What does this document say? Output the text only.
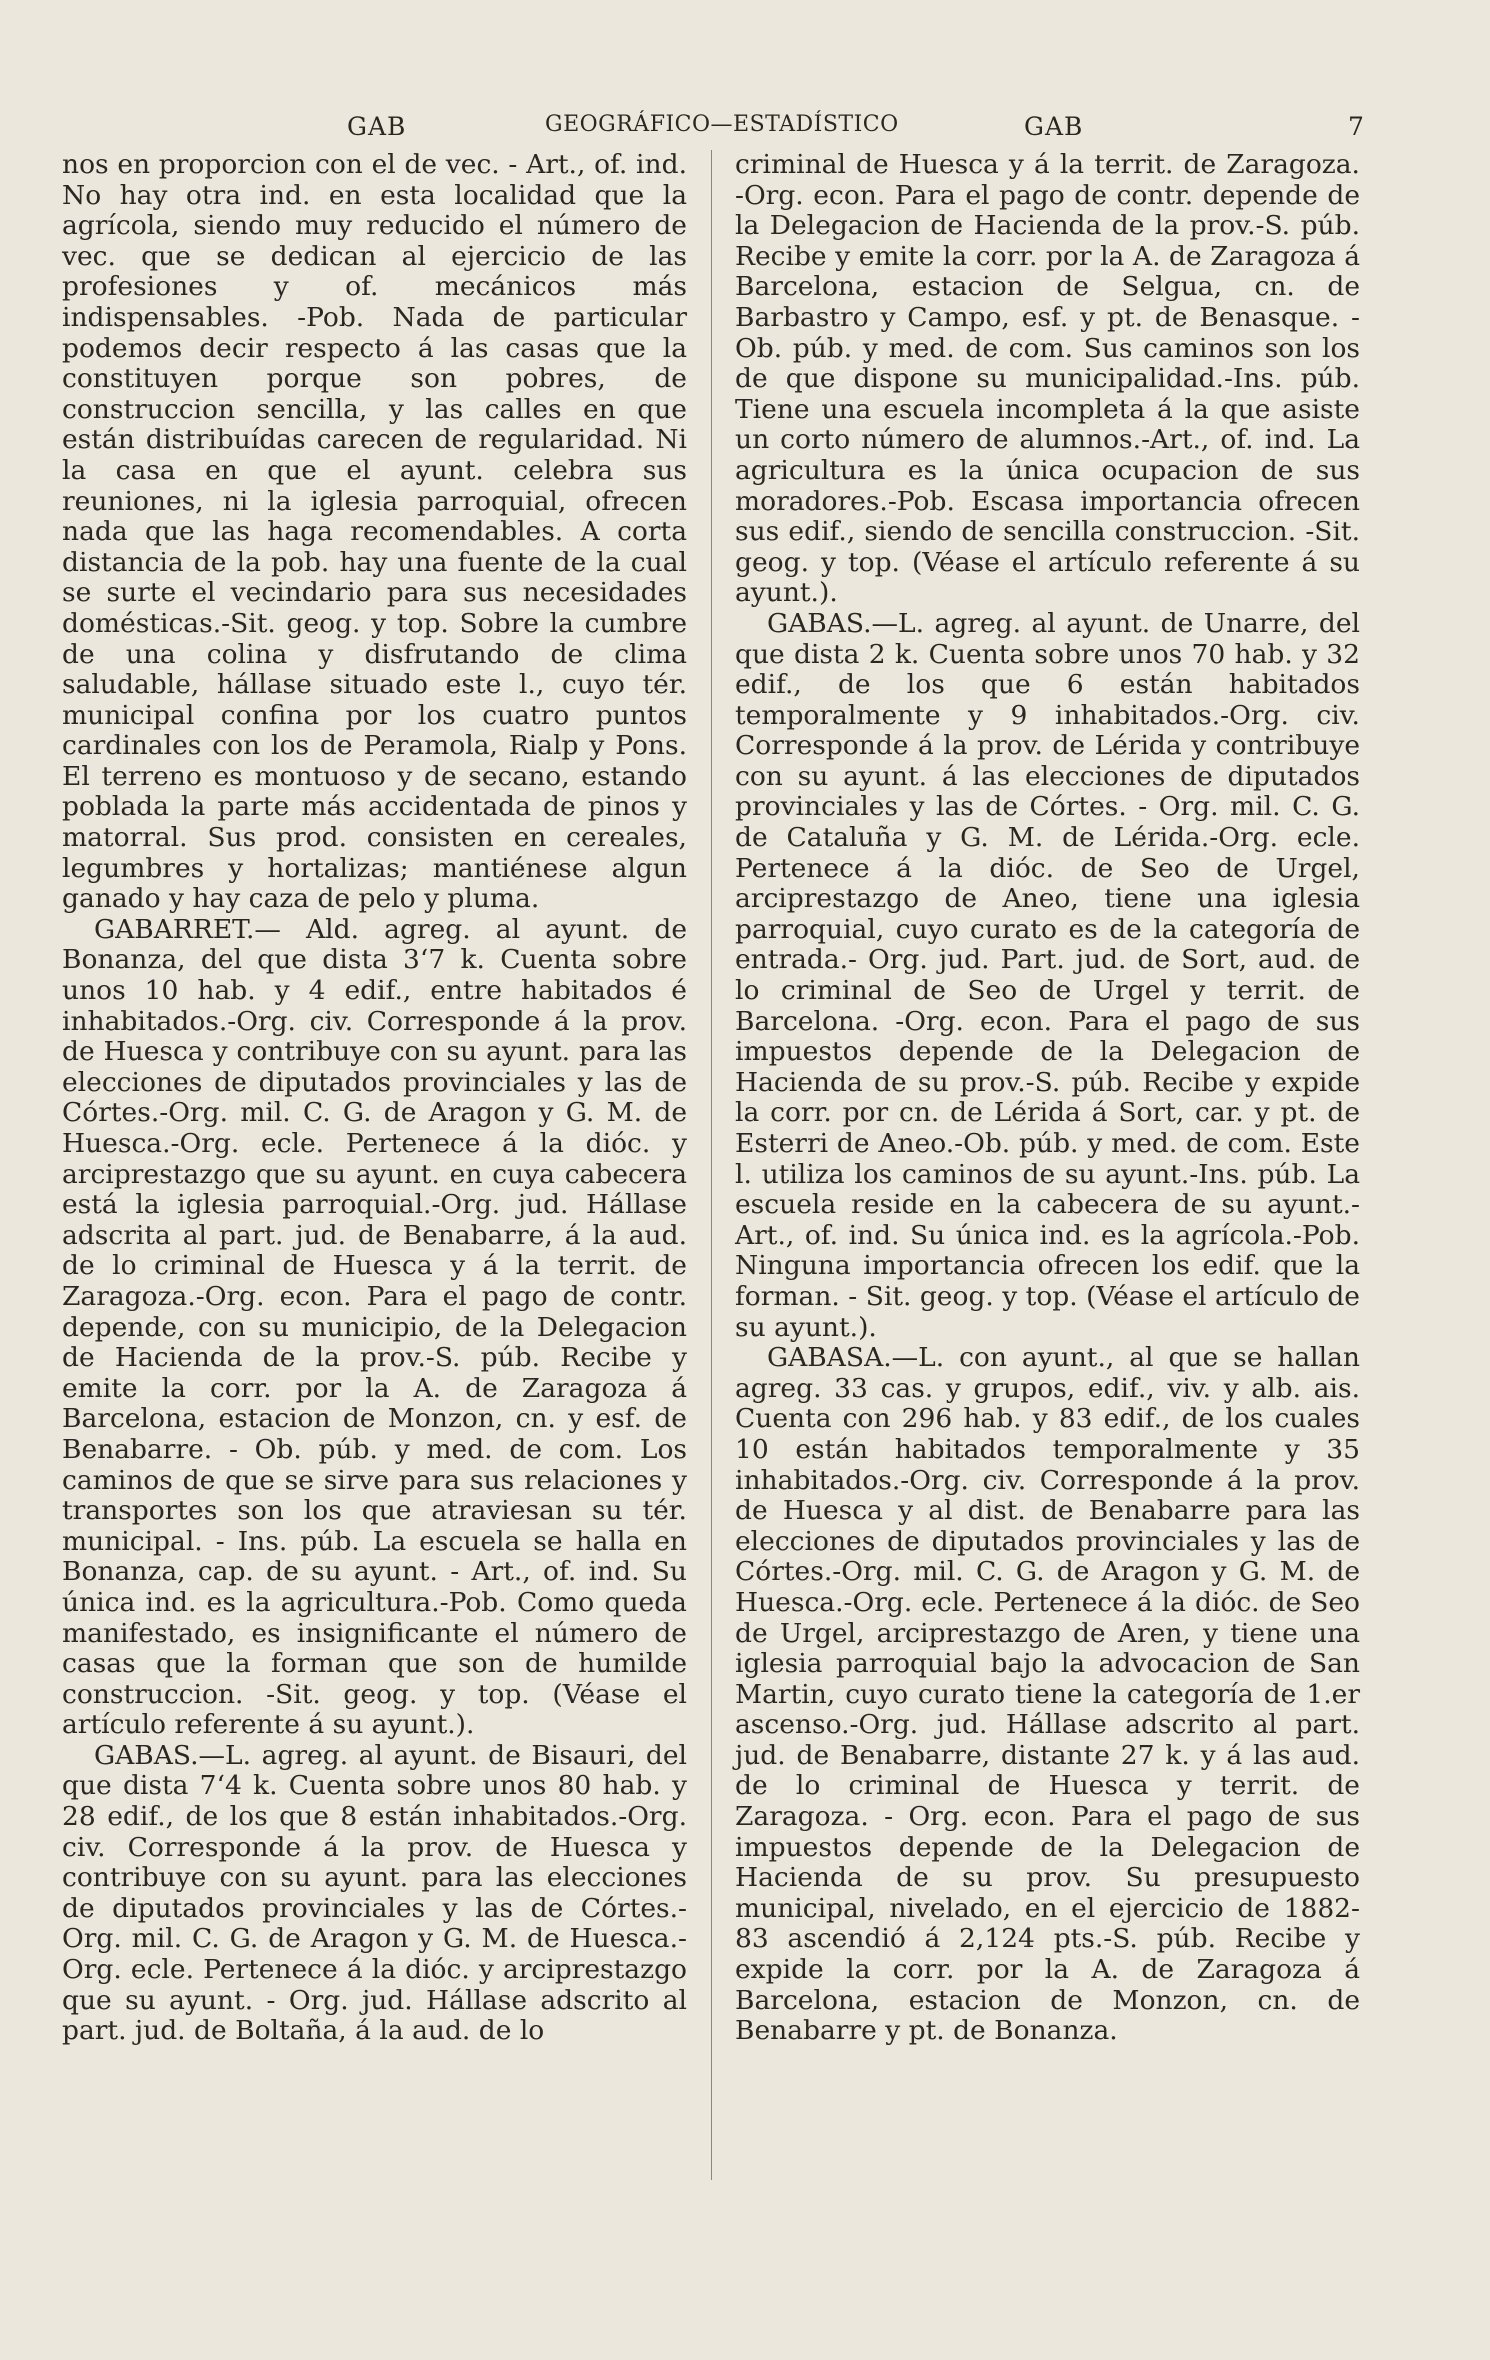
GAB	GEOGRÁFICO—ESTADÍSTICO	GAB	7

nos en proporcion con el de vec. - Art., of. ind. No hay otra ind. en esta localidad que la agrícola, siendo muy reducido el número de vec. que se dedican al ejercicio de las profesiones y of. mecánicos más indispensables. -Pob. Nada de particular podemos decir respecto á las casas que la constituyen porque son pobres, de construccion sencilla, y las calles en que están distribuídas carecen de regularidad. Ni la casa en que el ayunt. celebra sus reuniones, ni la iglesia parroquial, ofrecen nada que las haga recomendables. A corta distancia de la pob. hay una fuente de la cual se surte el vecindario para sus necesidades domésticas.-Sit. geog. y top. Sobre la cumbre de una colina y disfrutando de clima saludable, hállase situado este l., cuyo tér. municipal confina por los cuatro puntos cardinales con los de Peramola, Rialp y Pons. El terreno es montuoso y de secano, estando poblada la parte más accidentada de pinos y matorral. Sus prod. consisten en cereales, legumbres y hortalizas; mantiénese algun ganado y hay caza de pelo y pluma.

GABARRET.— Ald. agreg. al ayunt. de Bonanza, del que dista 3‘7 k. Cuenta sobre unos 10 hab. y 4 edif., entre habitados é inhabitados.-Org. civ. Corresponde á la prov. de Huesca y contribuye con su ayunt. para las elecciones de diputados provinciales y las de Córtes.-Org. mil. C. G. de Aragon y G. M. de Huesca.-Org. ecle. Pertenece á la dióc. y arciprestazgo que su ayunt. en cuya cabecera está la iglesia parroquial.-Org. jud. Hállase adscrita al part. jud. de Benabarre, á la aud. de lo criminal de Huesca y á la territ. de Zaragoza.-Org. econ. Para el pago de contr. depende, con su municipio, de la Delegacion de Hacienda de la prov.-S. púb. Recibe y emite la corr. por la A. de Zaragoza á Barcelona, estacion de Monzon, cn. y esf. de Benabarre. - Ob. púb. y med. de com. Los caminos de que se sirve para sus relaciones y transportes son los que atraviesan su tér. municipal. - Ins. púb. La escuela se halla en Bonanza, cap. de su ayunt. - Art., of. ind. Su única ind. es la agricultura.-Pob. Como queda manifestado, es insignificante el número de casas que la forman que son de humilde construccion. -Sit. geog. y top. (Véase el artículo referente á su ayunt.).

GABAS.—L. agreg. al ayunt. de Bisauri, del que dista 7‘4 k. Cuenta sobre unos 80 hab. y 28 edif., de los que 8 están inhabitados.-Org. civ. Corresponde á la prov. de Huesca y contribuye con su ayunt. para las elecciones de diputados provinciales y las de Córtes.-Org. mil. C. G. de Aragon y G. M. de Huesca.-Org. ecle. Pertenece á la dióc. y arciprestazgo que su ayunt. - Org. jud. Hállase adscrito al part. jud. de Boltaña, á la aud. de lo

criminal de Huesca y á la territ. de Zaragoza. -Org. econ. Para el pago de contr. depende de la Delegacion de Hacienda de la prov.-S. púb. Recibe y emite la corr. por la A. de Zaragoza á Barcelona, estacion de Selgua, cn. de Barbastro y Campo, esf. y pt. de Benasque. - Ob. púb. y med. de com. Sus caminos son los de que dispone su municipalidad.-Ins. púb. Tiene una escuela incompleta á la que asiste un corto número de alumnos.-Art., of. ind. La agricultura es la única ocupacion de sus moradores.-Pob. Escasa importancia ofrecen sus edif., siendo de sencilla construccion. -Sit. geog. y top. (Véase el artículo referente á su ayunt.).

GABAS.—L. agreg. al ayunt. de Unarre, del que dista 2 k. Cuenta sobre unos 70 hab. y 32 edif., de los que 6 están habitados temporalmente y 9 inhabitados.-Org. civ. Corresponde á la prov. de Lérida y contribuye con su ayunt. á las elecciones de diputados provinciales y las de Córtes. - Org. mil. C. G. de Cataluña y G. M. de Lérida.-Org. ecle. Pertenece á la dióc. de Seo de Urgel, arciprestazgo de Aneo, tiene una iglesia parroquial, cuyo curato es de la categoría de entrada.- Org. jud. Part. jud. de Sort, aud. de lo criminal de Seo de Urgel y territ. de Barcelona. -Org. econ. Para el pago de sus impuestos depende de la Delegacion de Hacienda de su prov.-S. púb. Recibe y expide la corr. por cn. de Lérida á Sort, car. y pt. de Esterri de Aneo.-Ob. púb. y med. de com. Este l. utiliza los caminos de su ayunt.-Ins. púb. La escuela reside en la cabecera de su ayunt.-Art., of. ind. Su única ind. es la agrícola.-Pob. Ninguna importancia ofrecen los edif. que la forman. - Sit. geog. y top. (Véase el artículo de su ayunt.).

GABASA.—L. con ayunt., al que se hallan agreg. 33 cas. y grupos, edif., viv. y alb. ais. Cuenta con 296 hab. y 83 edif., de los cuales 10 están habitados temporalmente y 35 inhabitados.-Org. civ. Corresponde á la prov. de Huesca y al dist. de Benabarre para las elecciones de diputados provinciales y las de Córtes.-Org. mil. C. G. de Aragon y G. M. de Huesca.-Org. ecle. Pertenece á la dióc. de Seo de Urgel, arciprestazgo de Aren, y tiene una iglesia parroquial bajo la advocacion de San Martin, cuyo curato tiene la categoría de 1.er ascenso.-Org. jud. Hállase adscrito al part. jud. de Benabarre, distante 27 k. y á las aud. de lo criminal de Huesca y territ. de Zaragoza. - Org. econ. Para el pago de sus impuestos depende de la Delegacion de Hacienda de su prov. Su presupuesto municipal, nivelado, en el ejercicio de 1882-83 ascendió á 2,124 pts.-S. púb. Recibe y expide la corr. por la A. de Zaragoza á Barcelona, estacion de Monzon, cn. de Benabarre y pt. de Bonanza.
